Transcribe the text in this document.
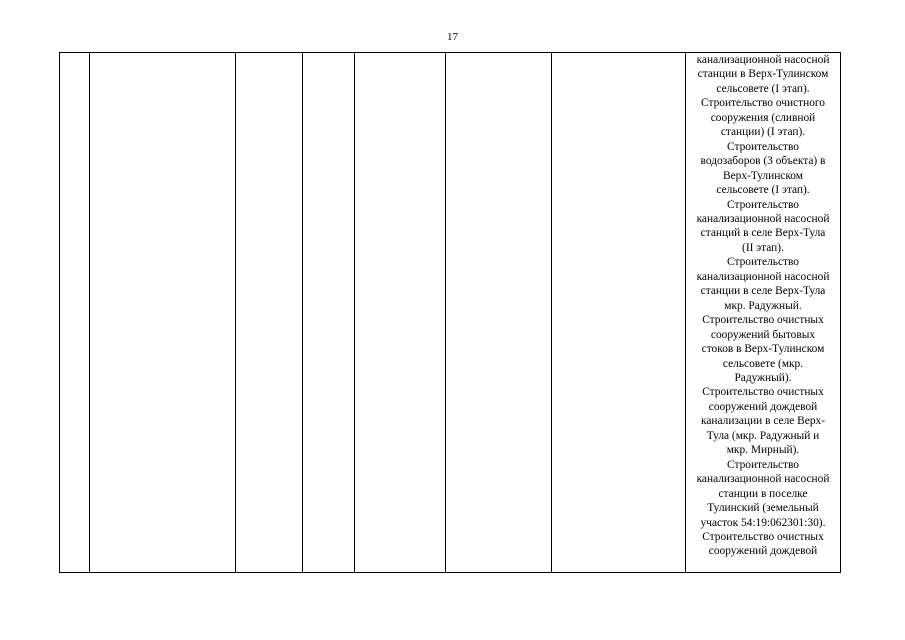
17

канализационной насосной
станции в Верх-Тулинском
сельсовете (I этап).
Строительство очистного
сооружения (сливной
станции) (I этап).
Строительство
водозаборов (3 объекта) в
Верх-Тулинском
сельсовете (I этап).
Строительство
канализационной насосной
станций в селе Верх-Тула
(II этап).
Строительство
канализационной насосной
станции в селе Верх-Тула
мкр. Радужный.
Строительство очистных
сооружений бытовых
стоков в Верх-Тулинском
сельсовете (мкр.
Радужный).
Строительство очистных
сооружений дождевой
канализации в селе Верх-
Тула (мкр. Радужный и
мкр. Мирный).
Строительство
канализационной насосной
станции в поселке
Тулинский (земельный
участок 54:19:062301:30).
Строительство очистных
сооружений дождевой
